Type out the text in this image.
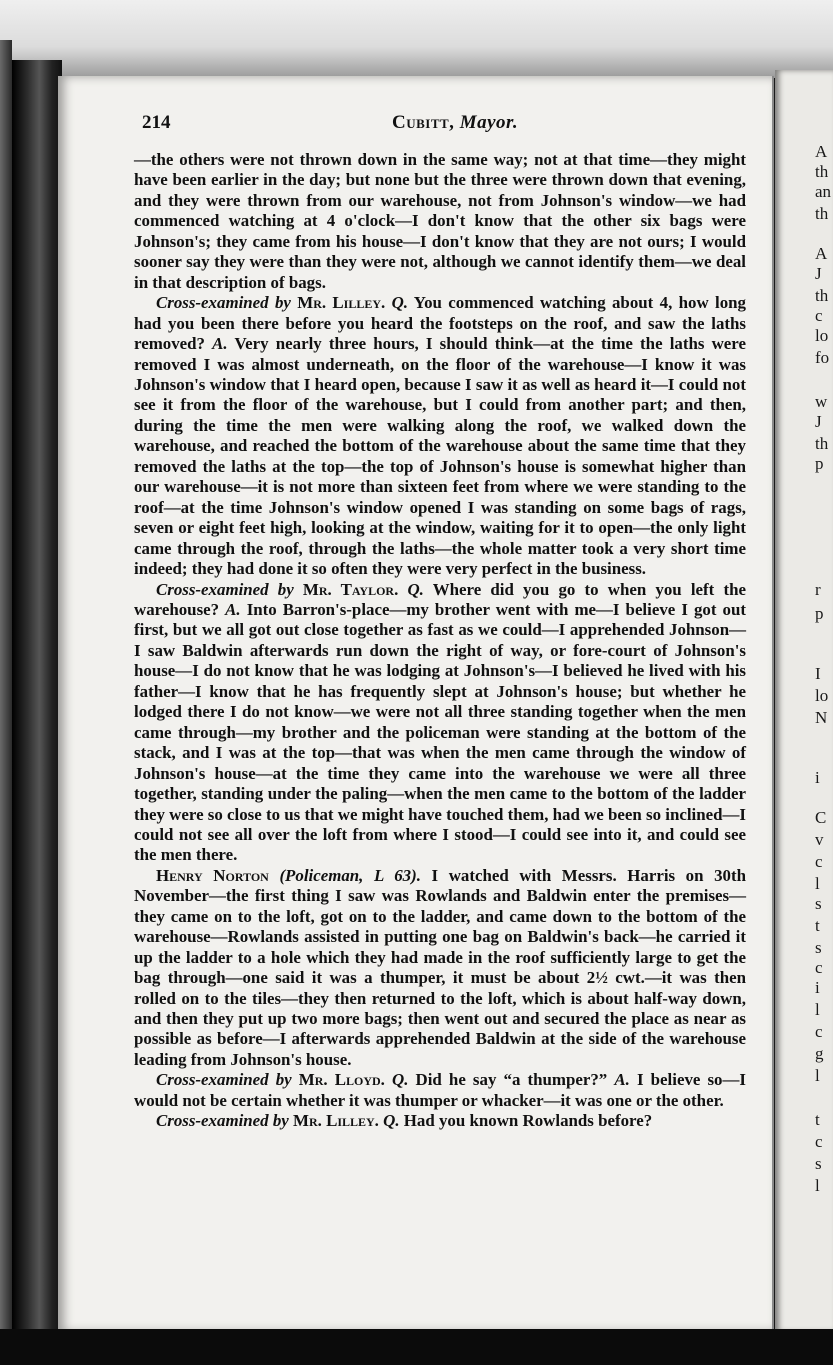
214	Cubitt, Mayor.

—the others were not thrown down in the same way; not at that time—they might have been earlier in the day; but none but the three were thrown down that evening, and they were thrown from our warehouse, not from Johnson's window—we had commenced watching at 4 o'clock—I don't know that the other six bags were Johnson's; they came from his house—I don't know that they are not ours; I would sooner say they were than they were not, although we cannot identify them—we deal in that description of bags.

Cross-examined by Mr. Lilley. Q. You commenced watching about 4, how long had you been there before you heard the footsteps on the roof, and saw the laths removed? A. Very nearly three hours, I should think—at the time the laths were removed I was almost underneath, on the floor of the warehouse—I know it was Johnson's window that I heard open, because I saw it as well as heard it—I could not see it from the floor of the warehouse, but I could from another part; and then, during the time the men were walking along the roof, we walked down the warehouse, and reached the bottom of the warehouse about the same time that they removed the laths at the top—the top of Johnson's house is somewhat higher than our warehouse—it is not more than sixteen feet from where we were standing to the roof—at the time Johnson's window opened I was standing on some bags of rags, seven or eight feet high, looking at the window, waiting for it to open—the only light came through the roof, through the laths—the whole matter took a very short time indeed; they had done it so often they were very perfect in the business.

Cross-examined by Mr. Taylor. Q. Where did you go to when you left the warehouse? A. Into Barron's-place—my brother went with me—I believe I got out first, but we all got out close together as fast as we could—I apprehended Johnson—I saw Baldwin afterwards run down the right of way, or fore-court of Johnson's house—I do not know that he was lodging at Johnson's—I believed he lived with his father—I know that he has frequently slept at Johnson's house; but whether he lodged there I do not know—we were not all three standing together when the men came through—my brother and the policeman were standing at the bottom of the stack, and I was at the top—that was when the men came through the window of Johnson's house—at the time they came into the warehouse we were all three together, standing under the paling—when the men came to the bottom of the ladder they were so close to us that we might have touched them, had we been so inclined—I could not see all over the loft from where I stood—I could see into it, and could see the men there.

Henry Norton (Policeman, L 63). I watched with Messrs. Harris on 30th November—the first thing I saw was Rowlands and Baldwin enter the premises—they came on to the loft, got on to the ladder, and came down to the bottom of the warehouse—Rowlands assisted in putting one bag on Baldwin's back—he carried it up the ladder to a hole which they had made in the roof sufficiently large to get the bag through—one said it was a thumper, it must be about 2½ cwt.—it was then rolled on to the tiles—they then returned to the loft, which is about half-way down, and then they put up two more bags; then went out and secured the place as near as possible as before—I afterwards apprehended Baldwin at the side of the warehouse leading from Johnson's house.

Cross-examined by Mr. Lloyd. Q. Did he say “a thumper?” A. I believe so—I would not be certain whether it was thumper or whacker—it was one or the other.

Cross-examined by Mr. Lilley. Q. Had you known Rowlands before?

A
th
an
th
A
J
th
c
lo
fo
w
J
th
p
r
p
I
lo
N
i
C
v
c
l
s
t
s
c
i
l
c
g
l
t
c
s
l
